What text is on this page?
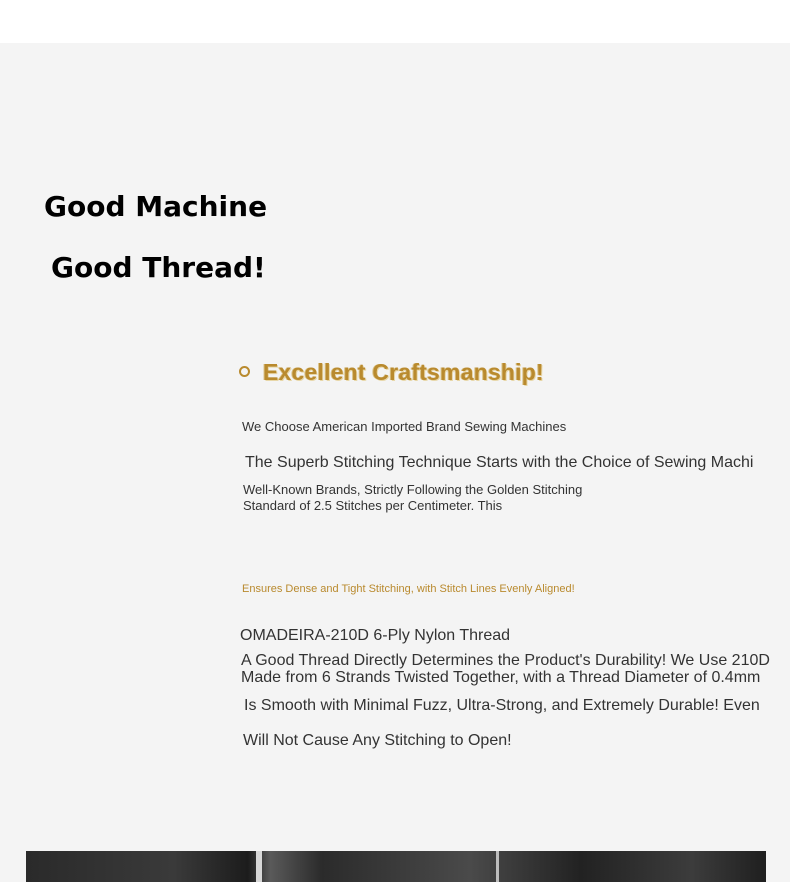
Good Machine
Good Thread!
Excellent Craftsmanship!
We Choose American Imported Brand Sewing Machines
The Superb Stitching Technique Starts with the Choice of Sewing Machi
Well-Known Brands, Strictly Following the Golden Stitching
Standard of 2.5 Stitches per Centimeter. This
Ensures Dense and Tight Stitching, with Stitch Lines Evenly Aligned!
OMADEIRA-210D 6-Ply Nylon Thread
A Good Thread Directly Determines the Product's Durability! We Use 210D
Made from 6 Strands Twisted Together, with a Thread Diameter of 0.4mm
Is Smooth with Minimal Fuzz, Ultra-Strong, and Extremely Durable! Even
Will Not Cause Any Stitching to Open!
